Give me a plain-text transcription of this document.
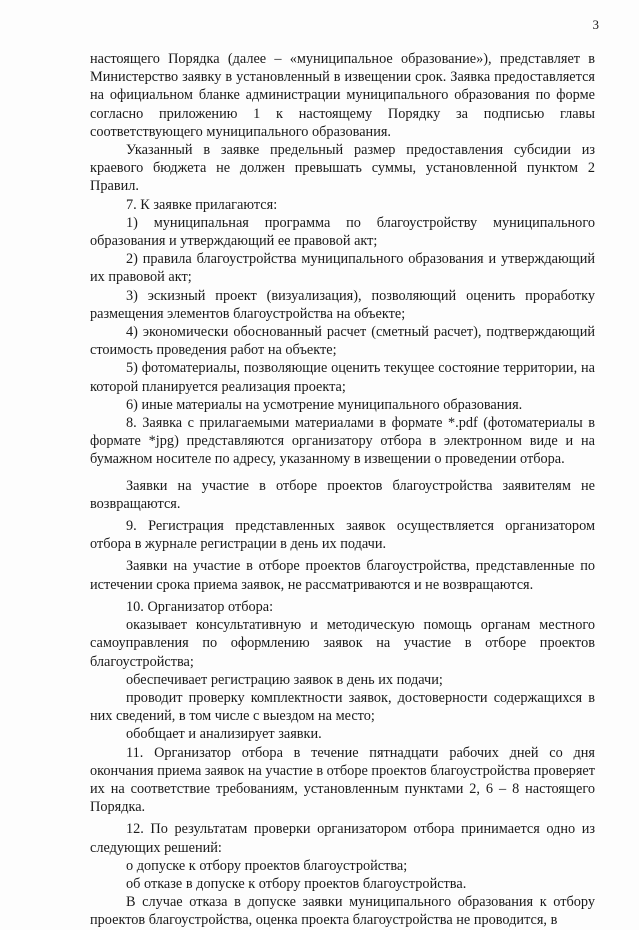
3

настоящего Порядка (далее – «муниципальное образование»), представляет в Министерство заявку в установленный в извещении срок. Заявка предоставляется на официальном бланке администрации муниципального образования по форме согласно приложению 1 к настоящему Порядку за подписью главы соответствующего муниципального образования.

Указанный в заявке предельный размер предоставления субсидии из краевого бюджета не должен превышать суммы, установленной пунктом 2 Правил.

7. К заявке прилагаются:

1) муниципальная программа по благоустройству муниципального образования и утверждающий ее правовой акт;

2) правила благоустройства муниципального образования и утверждающий их правовой акт;

3) эскизный проект (визуализация), позволяющий оценить проработку размещения элементов благоустройства на объекте;

4) экономически обоснованный расчет (сметный расчет), подтверждающий стоимость проведения работ на объекте;

5) фотоматериалы, позволяющие оценить текущее состояние территории, на которой планируется реализация проекта;

6) иные материалы на усмотрение муниципального образования.

8. Заявка с прилагаемыми материалами в формате *.pdf (фотоматериалы в формате *jpg) представляются организатору отбора в электронном виде и на бумажном носителе по адресу, указанному в извещении о проведении отбора.

Заявки на участие в отборе проектов благоустройства заявителям не возвращаются.

9. Регистрация представленных заявок осуществляется организатором отбора в журнале регистрации в день их подачи.

Заявки на участие в отборе проектов благоустройства, представленные по истечении срока приема заявок, не рассматриваются и не возвращаются.

10. Организатор отбора:

оказывает консультативную и методическую помощь органам местного самоуправления по оформлению заявок на участие в отборе проектов благоустройства;

обеспечивает регистрацию заявок в день их подачи;

проводит проверку комплектности заявок, достоверности содержащихся в них сведений, в том числе с выездом на место;

обобщает и анализирует заявки.

11. Организатор отбора в течение пятнадцати рабочих дней со дня окончания приема заявок на участие в отборе проектов благоустройства проверяет их на соответствие требованиям, установленным пунктами 2, 6 – 8 настоящего Порядка.

12. По результатам проверки организатором отбора принимается одно из следующих решений:

о допуске к отбору проектов благоустройства;

об отказе в допуске к отбору проектов благоустройства.

В случае отказа в допуске заявки муниципального образования к отбору проектов благоустройства, оценка проекта благоустройства не проводится, в
